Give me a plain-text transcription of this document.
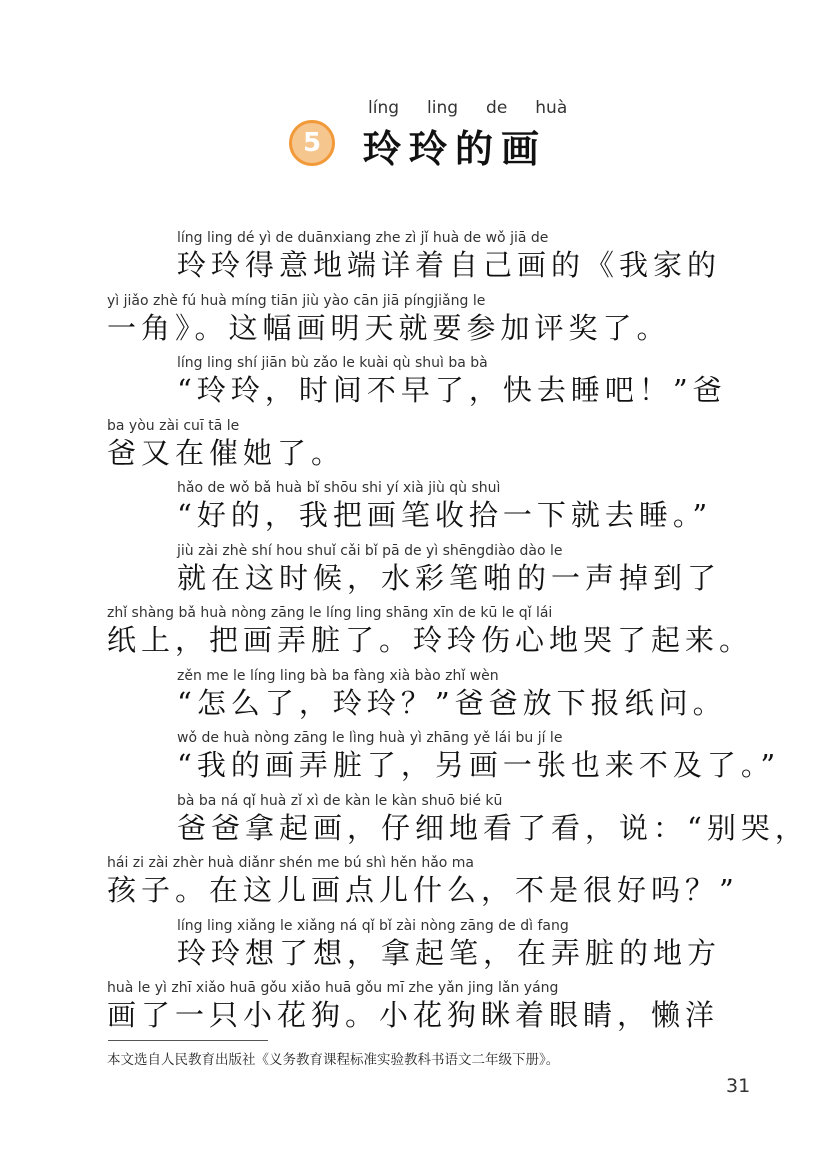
líng ling de huà
5	玲玲的画
líng ling dé yì de duānxiang zhe zì jǐ huà de wǒ jiā de
玲玲得意地端详着自己画的《我家的
yì jiǎo zhè fú huà míng tiān jiù yào cān jiā píngjiǎng le
一角》。这幅画明天就要参加评奖了。
líng ling shí jiān bù zǎo le kuài qù shuì ba bà
“玲玲，时间不早了，快去睡吧！”爸
ba yòu zài cuī tā le
爸又在催她了。
hǎo de wǒ bǎ huà bǐ shōu shi yí xià jiù qù shuì
“好的，我把画笔收拾一下就去睡。”
jiù zài zhè shí hou shuǐ cǎi bǐ pā de yì shēngdiào dào le
就在这时候，水彩笔啪的一声掉到了
zhǐ shàng bǎ huà nòng zāng le líng ling shāng xīn de kū le qǐ lái
纸上，把画弄脏了。玲玲伤心地哭了起来。
zěn me le líng ling bà ba fàng xià bào zhǐ wèn
“怎么了，玲玲？”爸爸放下报纸问。
wǒ de huà nòng zāng le lìng huà yì zhāng yě lái bu jí le
“我的画弄脏了，另画一张也来不及了。”
bà ba ná qǐ huà zǐ xì de kàn le kàn shuō bié kū
爸爸拿起画，仔细地看了看，说：“别哭，
hái zi zài zhèr huà diǎnr shén me bú shì hěn hǎo ma
孩子。在这儿画点儿什么，不是很好吗？”
líng ling xiǎng le xiǎng ná qǐ bǐ zài nòng zāng de dì fang
玲玲想了想，拿起笔，在弄脏的地方
huà le yì zhī xiǎo huā gǒu xiǎo huā gǒu mī zhe yǎn jing lǎn yáng
画了一只小花狗。小花狗眯着眼睛，懒洋
本文选自人民教育出版社《义务教育课程标准实验教科书语文二年级下册》。
31
